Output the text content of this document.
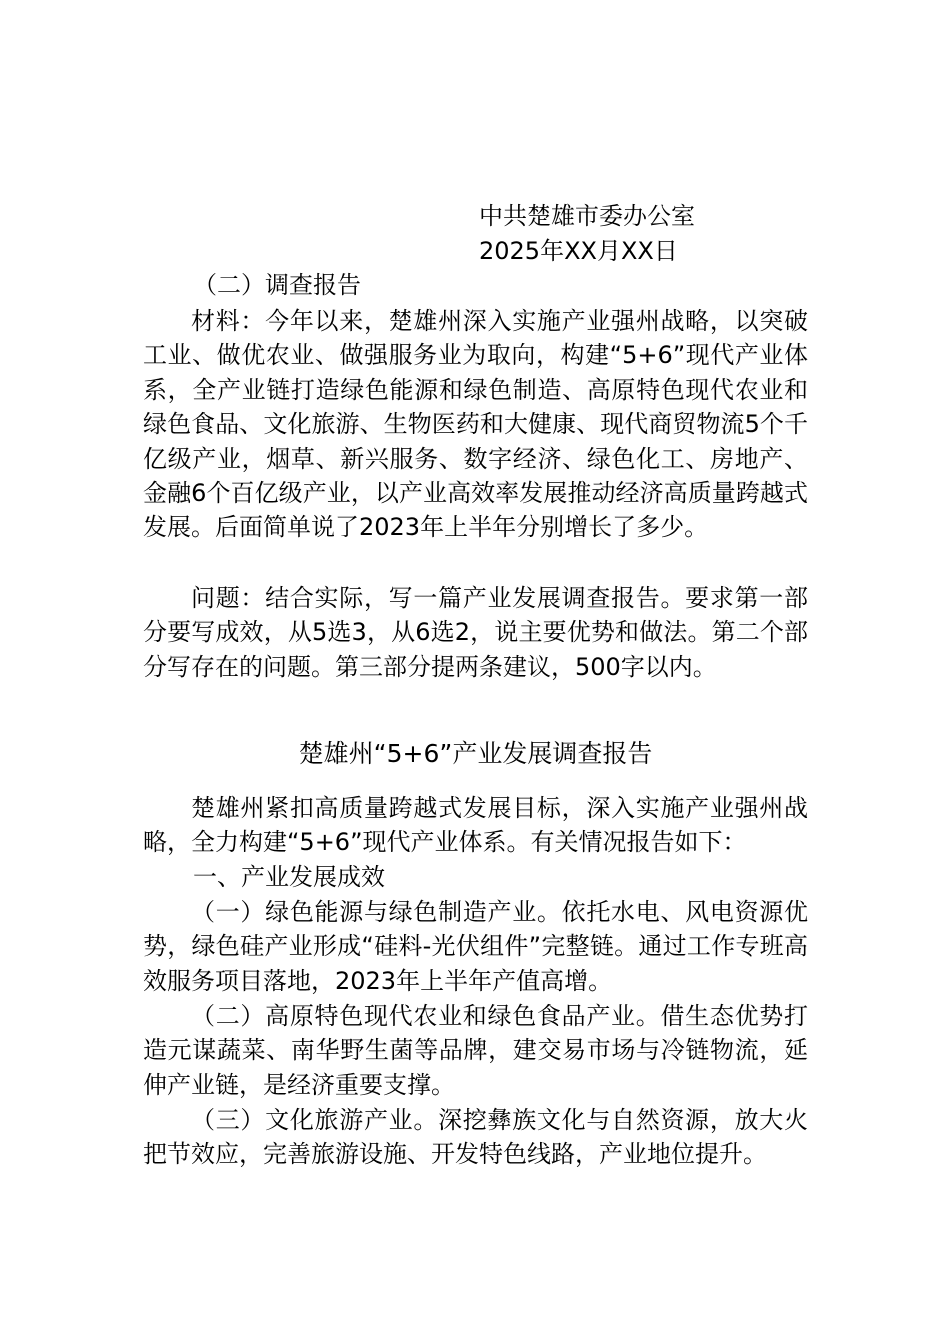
中共楚雄市委办公室
2025年XX月XX日
（二）调查报告

材料：今年以来，楚雄州深入实施产业强州战略，以突破工业、做优农业、做强服务业为取向，构建“5+6”现代产业体系，全产业链打造绿色能源和绿色制造、高原特色现代农业和绿色食品、文化旅游、生物医药和大健康、现代商贸物流5个千亿级产业，烟草、新兴服务、数字经济、绿色化工、房地产、金融6个百亿级产业，以产业高效率发展推动经济高质量跨越式发展。后面简单说了2023年上半年分别增长了多少。

问题：结合实际，写一篇产业发展调查报告。要求第一部分要写成效，从5选3，从6选2，说主要优势和做法。第二个部分写存在的问题。第三部分提两条建议，500字以内。

楚雄州“5+6”产业发展调查报告

楚雄州紧扣高质量跨越式发展目标，深入实施产业强州战略，全力构建“5+6”现代产业体系。有关情况报告如下：

一、产业发展成效

（一）绿色能源与绿色制造产业。依托水电、风电资源优势，绿色硅产业形成“硅料-光伏组件”完整链。通过工作专班高效服务项目落地，2023年上半年产值高增。

（二）高原特色现代农业和绿色食品产业。借生态优势打造元谋蔬菜、南华野生菌等品牌，建交易市场与冷链物流，延伸产业链，是经济重要支撑。

（三）文化旅游产业。深挖彝族文化与自然资源，放大火把节效应，完善旅游设施、开发特色线路，产业地位提升。
